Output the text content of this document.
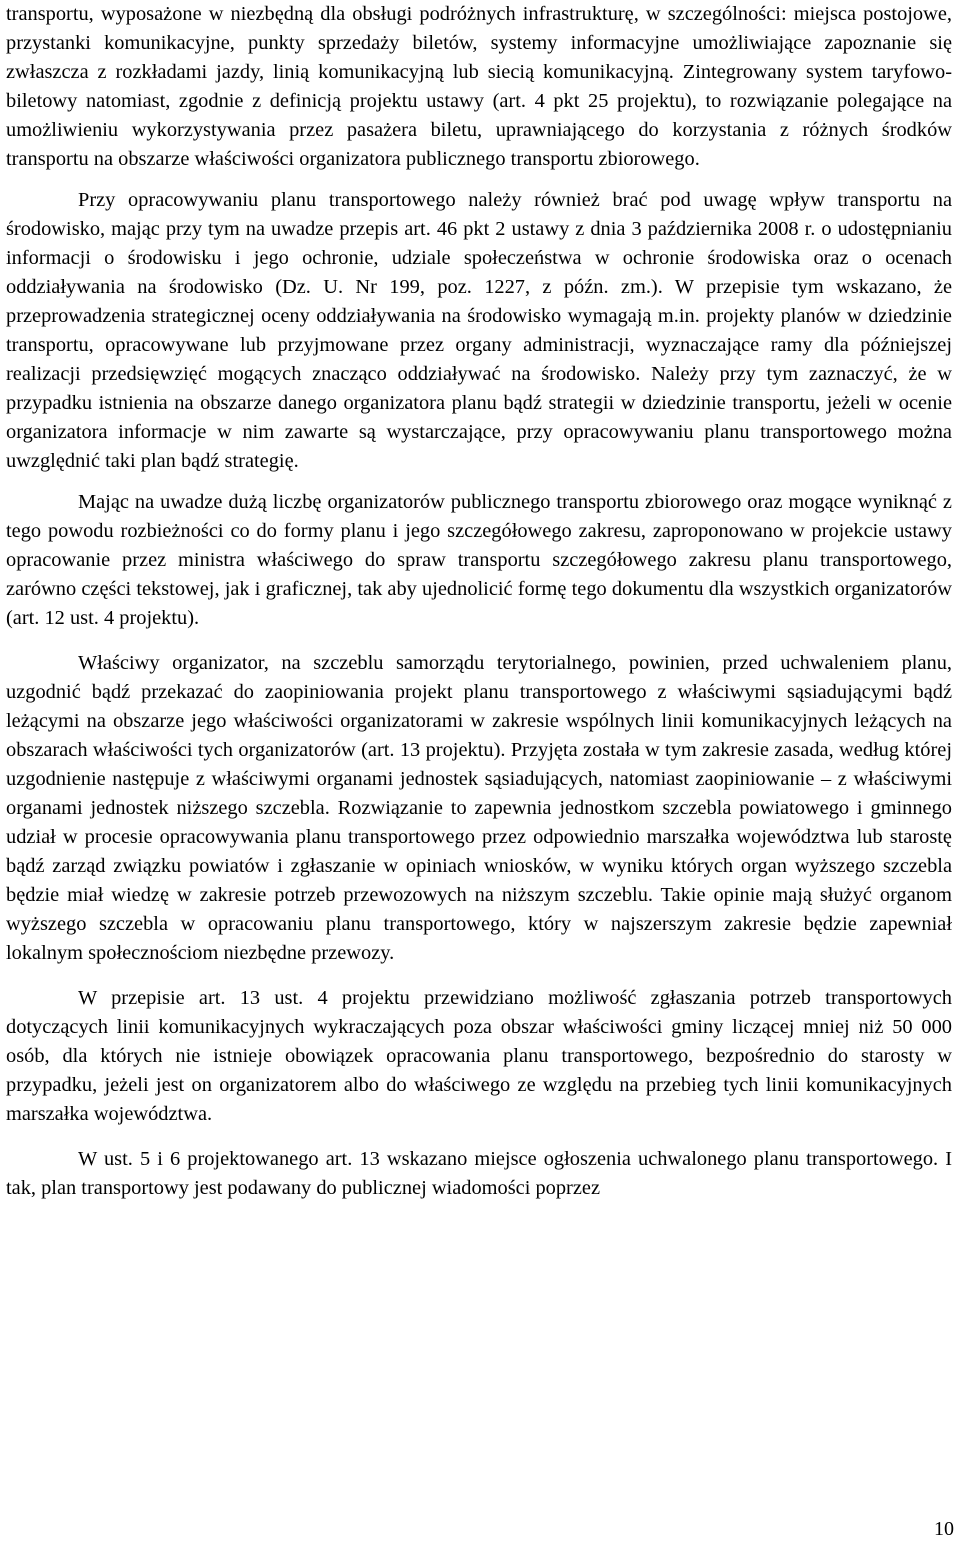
transportu, wyposażone w niezbędną dla obsługi podróżnych infrastrukturę, w szczególności: miejsca postojowe, przystanki komunikacyjne, punkty sprzedaży biletów, systemy informacyjne umożliwiające zapoznanie się zwłaszcza z rozkładami jazdy, linią komunikacyjną lub siecią komunikacyjną. Zintegrowany system taryfowo-biletowy natomiast, zgodnie z definicją projektu ustawy (art. 4 pkt 25 projektu), to rozwiązanie polegające na umożliwieniu wykorzystywania przez pasażera biletu, uprawniającego do korzystania z różnych środków transportu na obszarze właściwości organizatora publicznego transportu zbiorowego.

Przy opracowywaniu planu transportowego należy również brać pod uwagę wpływ transportu na środowisko, mając przy tym na uwadze przepis art. 46 pkt 2 ustawy z dnia 3 października 2008 r. o udostępnianiu informacji o środowisku i jego ochronie, udziale społeczeństwa w ochronie środowiska oraz o ocenach oddziaływania na środowisko (Dz. U. Nr 199, poz. 1227, z późn. zm.). W przepisie tym wskazano, że przeprowadzenia strategicznej oceny oddziaływania na środowisko wymagają m.in. projekty planów w dziedzinie transportu, opracowywane lub przyjmowane przez organy administracji, wyznaczające ramy dla późniejszej realizacji przedsięwzięć mogących znacząco oddziaływać na środowisko. Należy przy tym zaznaczyć, że w przypadku istnienia na obszarze danego organizatora planu bądź strategii w dziedzinie transportu, jeżeli w ocenie organizatora informacje w nim zawarte są wystarczające, przy opracowywaniu planu transportowego można uwzględnić taki plan bądź strategię.

Mając na uwadze dużą liczbę organizatorów publicznego transportu zbiorowego oraz mogące wyniknąć z tego powodu rozbieżności co do formy planu i jego szczegółowego zakresu, zaproponowano w projekcie ustawy opracowanie przez ministra właściwego do spraw transportu szczegółowego zakresu planu transportowego, zarówno części tekstowej, jak i graficznej, tak aby ujednolicić formę tego dokumentu dla wszystkich organizatorów (art. 12 ust. 4 projektu).

Właściwy organizator, na szczeblu samorządu terytorialnego, powinien, przed uchwaleniem planu, uzgodnić bądź przekazać do zaopiniowania projekt planu transportowego z właściwymi sąsiadującymi bądź leżącymi na obszarze jego właściwości organizatorami w zakresie wspólnych linii komunikacyjnych leżących na obszarach właściwości tych organizatorów (art. 13 projektu). Przyjęta została w tym zakresie zasada, według której uzgodnienie następuje z właściwymi organami jednostek sąsiadujących, natomiast zaopiniowanie – z właściwymi organami jednostek niższego szczebla. Rozwiązanie to zapewnia jednostkom szczebla powiatowego i gminnego udział w procesie opracowywania planu transportowego przez odpowiednio marszałka województwa lub starostę bądź zarząd związku powiatów i zgłaszanie w opiniach wniosków, w wyniku których organ wyższego szczebla będzie miał wiedzę w zakresie potrzeb przewozowych na niższym szczeblu. Takie opinie mają służyć organom wyższego szczebla w opracowaniu planu transportowego, który w najszerszym zakresie będzie zapewniał lokalnym społecznościom niezbędne przewozy.

W przepisie art. 13 ust. 4 projektu przewidziano możliwość zgłaszania potrzeb transportowych dotyczących linii komunikacyjnych wykraczających poza obszar właściwości gminy liczącej mniej niż 50 000 osób, dla których nie istnieje obowiązek opracowania planu transportowego, bezpośrednio do starosty w przypadku, jeżeli jest on organizatorem albo do właściwego ze względu na przebieg tych linii komunikacyjnych marszałka województwa.

W ust. 5 i 6 projektowanego art. 13 wskazano miejsce ogłoszenia uchwalonego planu transportowego. I tak, plan transportowy jest podawany do publicznej wiadomości poprzez

10
